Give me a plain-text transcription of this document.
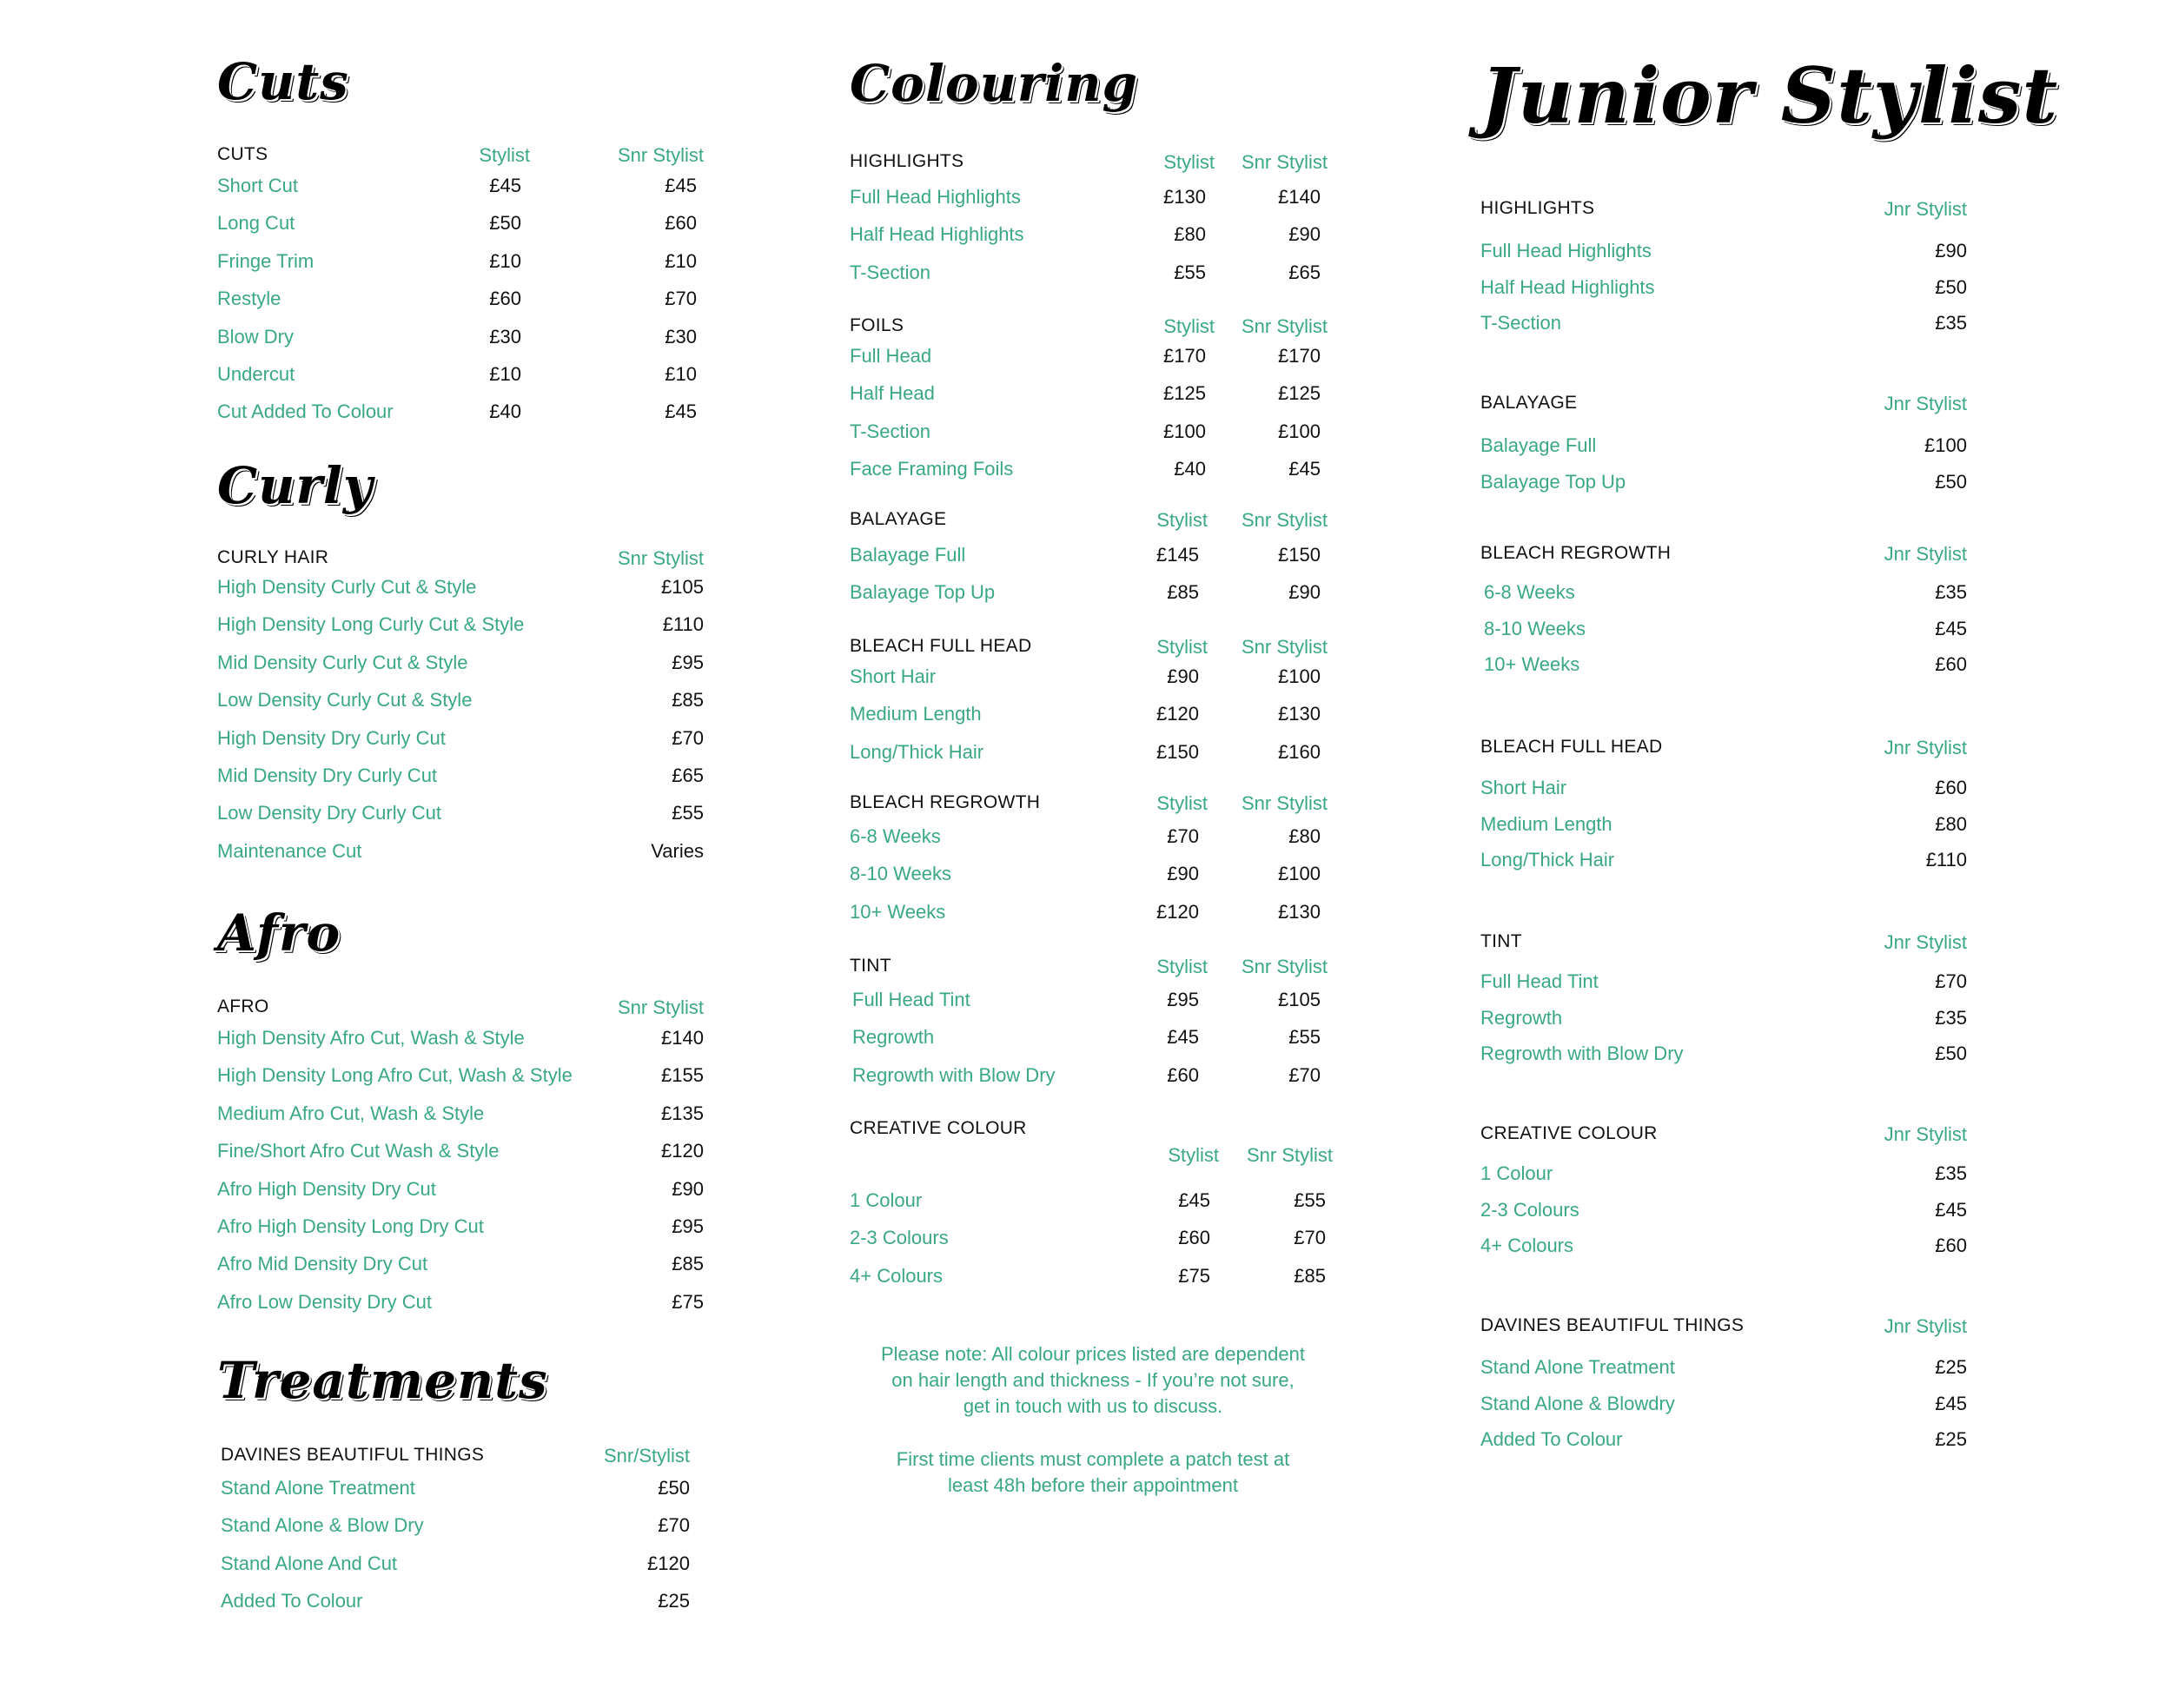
Cuts
CUTS	Stylist	Snr Stylist
Short Cut	£45	£45
Long Cut	£50	£60
Fringe Trim	£10	£10
Restyle	£60	£70
Blow Dry	£30	£30
Undercut	£10	£10
Cut Added To Colour	£40	£45
Curly
CURLY HAIR	Snr Stylist
High Density Curly Cut & Style	£105
High Density Long Curly Cut & Style	£110
Mid Density Curly Cut & Style	£95
Low Density Curly Cut & Style	£85
High Density Dry Curly Cut	£70
Mid Density Dry Curly Cut	£65
Low Density Dry Curly Cut	£55
Maintenance Cut	Varies
Afro
AFRO	Snr Stylist
High Density Afro Cut, Wash & Style	£140
High Density Long Afro Cut, Wash & Style	£155
Medium Afro Cut, Wash & Style	£135
Fine/Short Afro Cut Wash & Style	£120
Afro High Density Dry Cut	£90
Afro High Density Long Dry Cut	£95
Afro Mid Density Dry Cut	£85
Afro Low Density Dry Cut	£75
Treatments
DAVINES BEAUTIFUL THINGS	Snr/Stylist
Stand Alone Treatment	£50
Stand Alone & Blow Dry	£70
Stand Alone And Cut	£120
Added To Colour	£25
Colouring
HIGHLIGHTS	Stylist Snr Stylist
Full Head Highlights	£130	£140
Half Head Highlights	£80	£90
T-Section	£55	£65
FOILS	Stylist Snr Stylist
Full Head	£170	£170
Half Head	£125	£125
T-Section	£100	£100
Face Framing Foils	£40	£45
BALAYAGE	Stylist Snr Stylist
Balayage Full	£145	£150
Balayage Top Up	£85	£90
BLEACH FULL HEAD	Stylist Snr Stylist
Short Hair	£90	£100
Medium Length	£120	£130
Long/Thick Hair	£150	£160
BLEACH REGROWTH	Stylist Snr Stylist
6-8 Weeks	£70	£80
8-10 Weeks	£90	£100
10+ Weeks	£120	£130
TINT	Stylist Snr Stylist
Full Head Tint	£95	£105
Regrowth	£45	£55
Regrowth with Blow Dry	£60	£70
CREATIVE COLOUR
Stylist Snr Stylist
1 Colour	£45	£55
2-3 Colours	£60	£70
4+ Colours	£75	£85
Please note: All colour prices listed are dependent
on hair length and thickness - If you’re not sure,
get in touch with us to discuss.
First time clients must complete a patch test at
least 48h before their appointment
Junior Stylist
HIGHLIGHTS	Jnr Stylist
Full Head Highlights	£90
Half Head Highlights	£50
T-Section	£35
BALAYAGE	Jnr Stylist
Balayage Full	£100
Balayage Top Up	£50
BLEACH REGROWTH	Jnr Stylist
6-8 Weeks	£35
8-10 Weeks	£45
10+ Weeks	£60
BLEACH FULL HEAD	Jnr Stylist
Short Hair	£60
Medium Length	£80
Long/Thick Hair	£110
TINT	Jnr Stylist
Full Head Tint	£70
Regrowth	£35
Regrowth with Blow Dry	£50
CREATIVE COLOUR	Jnr Stylist
1 Colour	£35
2-3 Colours	£45
4+ Colours	£60
DAVINES BEAUTIFUL THINGS	Jnr Stylist
Stand Alone Treatment	£25
Stand Alone & Blowdry	£45
Added To Colour	£25
